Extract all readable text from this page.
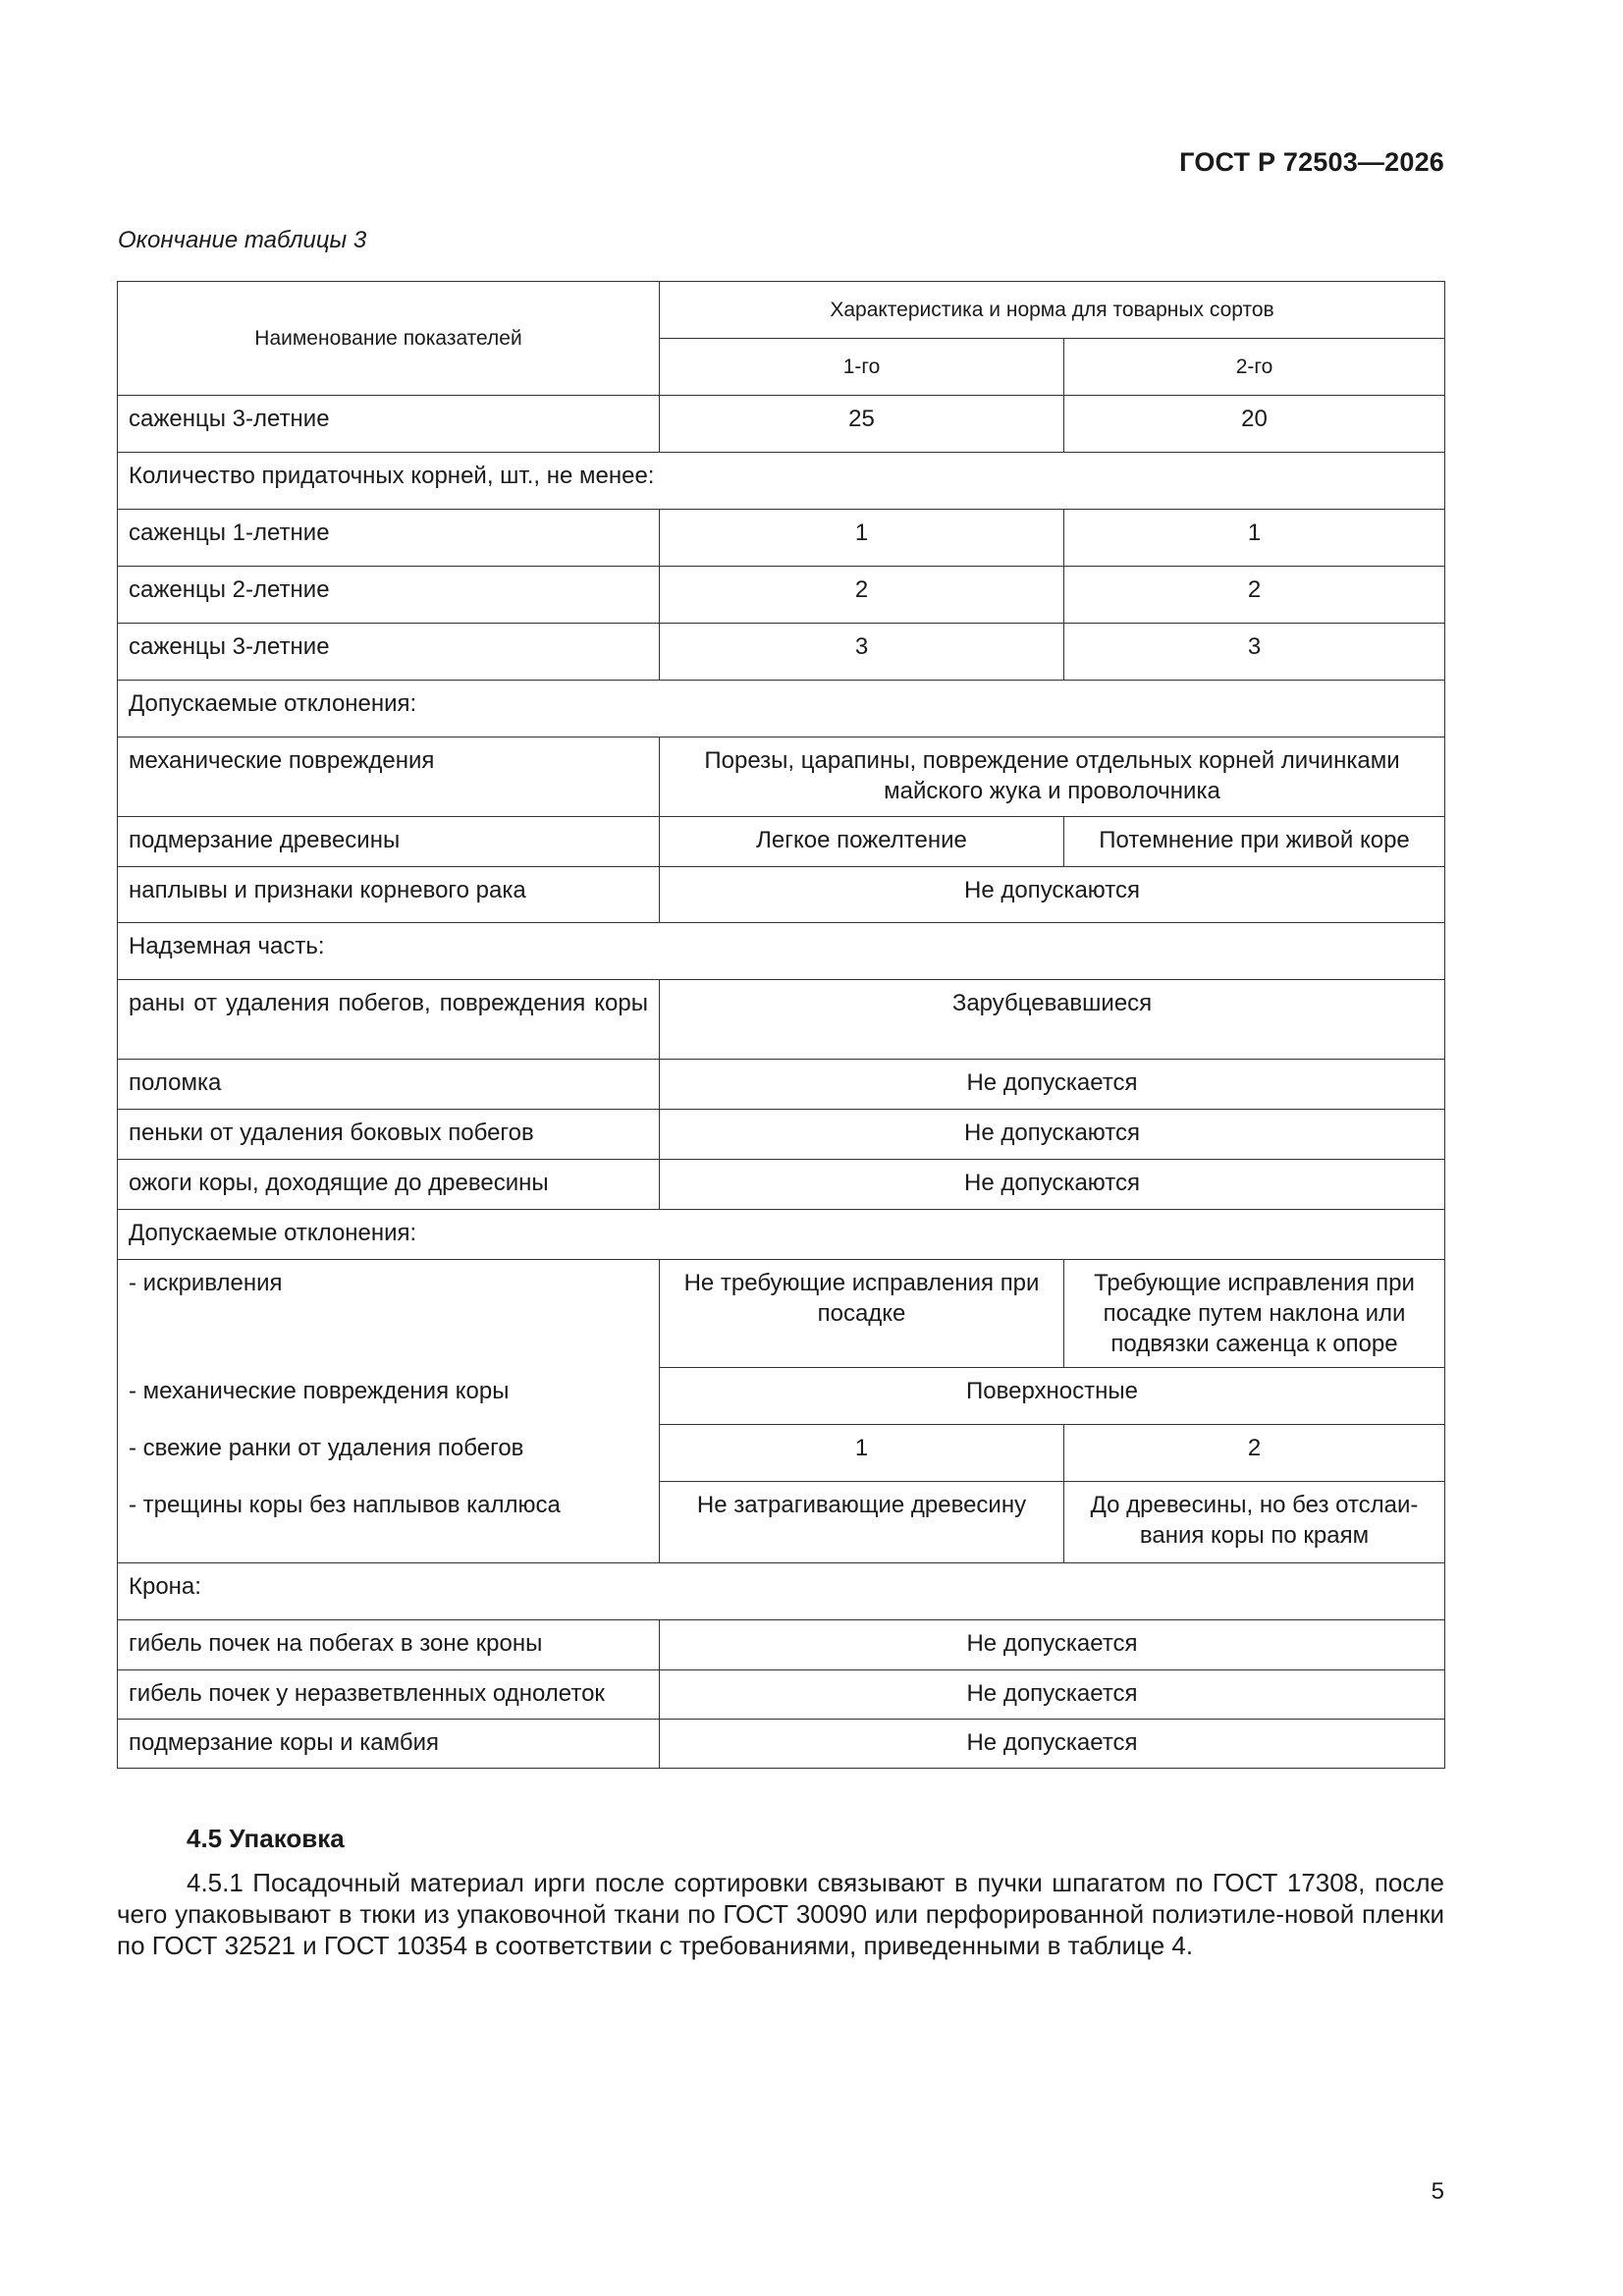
ГОСТ Р 72503—2026
Окончание таблицы 3
Наименование показателей	Характеристика и норма для товарных сортов	
	1-го	2-го
саженцы 3-летние	25	20
Количество придаточных корней, шт., не менее:		
саженцы 1-летние	1	1
саженцы 2-летние	2	2
саженцы 3-летние	3	3
Допускаемые отклонения:		
механические повреждения	Порезы, царапины, повреждение отдельных корней личинками майского жука и проволочника	
подмерзание древесины	Легкое пожелтение	Потемнение при живой коре
наплывы и признаки корневого рака	Не допускаются	
Надземная часть:		
раны от удаления побегов, повреждения коры	Зарубцевавшиеся	
поломка	Не допускается	
пеньки от удаления боковых побегов	Не допускаются	
ожоги коры, доходящие до древесины	Не допускаются	
Допускаемые отклонения:		
- искривления	Не требующие исправления при посадке	Требующие исправления при посадке путем наклона или подвязки саженца к опоре
- механические повреждения коры	Поверхностные	
- свежие ранки от удаления побегов	1	2
- трещины коры без наплывов каллюса	Не затрагивающие древесину	До древесины, но без отслаи-вания коры по краям
Крона:		
гибель почек на побегах в зоне кроны	Не допускается	
гибель почек у неразветвленных однолеток	Не допускается	
подмерзание коры и камбия	Не допускается	
4.5 Упаковка

4.5.1 Посадочный материал ирги после сортировки связывают в пучки шпагатом по ГОСТ 17308, после чего упаковывают в тюки из упаковочной ткани по ГОСТ 30090 или перфорированной полиэтиле-новой пленки по ГОСТ 32521 и ГОСТ 10354 в соответствии с требованиями, приведенными в таблице 4.

5
